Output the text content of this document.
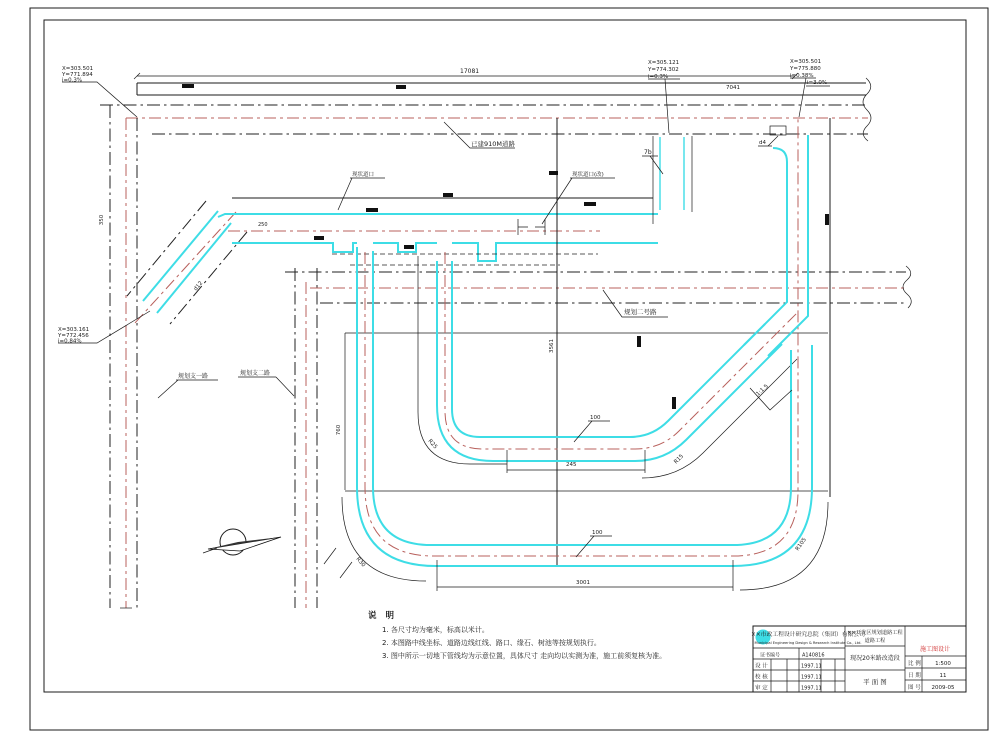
X=303.501
Y=771.894
i=0.3%
X=305.121
Y=774.302
i=0.3%
X=305.501
Y=775.880
i=0.38%
X=303.161
Y=772.456
i=0.84%
已建910M道路
规划二号路
规划支一路	规划支二路
现状道口	现状道口(改)
7b
d4
d12
i=3.0%
1:1.5
100
100
R25
R15
R30
R105
17081
7041
245
3001
3561
760
350	250
说 明
1. 各尺寸均为毫米，标高以米计。
2. 本图路中线坐标、道路边线红线、路口、缘石、树池等按规划执行。
3. 图中所示一切地下管线均为示意位置，具体尺寸 走向均以实测为准，施工前须复核为准。
××市政工程设计研究总院（集团）有限公司
Municipal Engineering Design & Research Institute Co., Ltd.
证书编号	A140816
设 计	1997.11
校 核	1997.11
审 定	1997.11
××开发区规划道路工程
道路工程
现况20米路改造段
平 面 图
施工图设计
比 例	1:500
日 期	11
图 号 2009-05
